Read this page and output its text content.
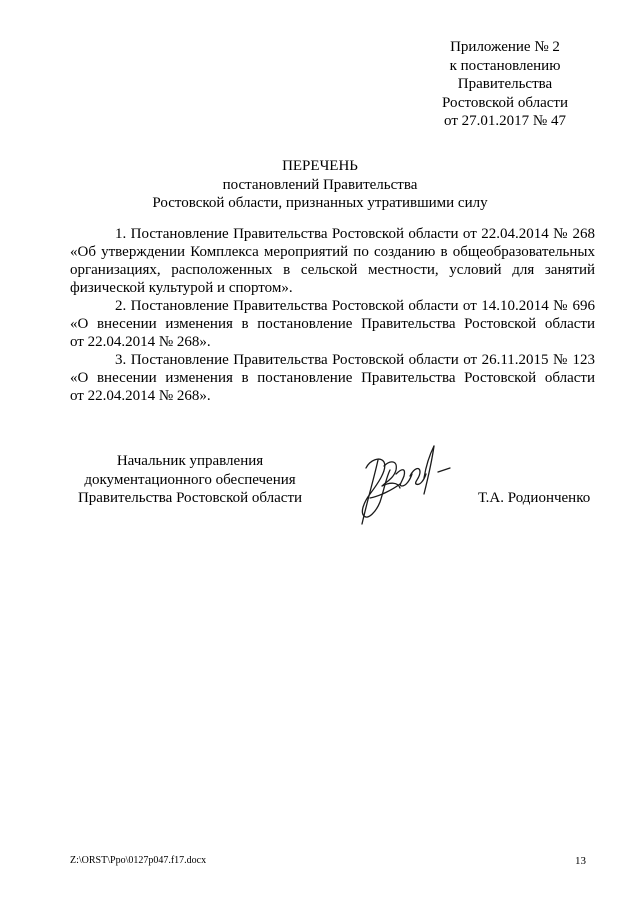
Приложение № 2
к постановлению
Правительства
Ростовской области
от 27.01.2017 № 47
ПЕРЕЧЕНЬ
постановлений Правительства
Ростовской области, признанных утратившими силу
1. Постановление Правительства Ростовской области от 22.04.2014 № 268
«Об утверждении Комплекса мероприятий по созданию в общеобразовательных
организациях, расположенных в сельской местности, условий для занятий
физической культурой и спортом».
2. Постановление Правительства Ростовской области от 14.10.2014 № 696
«О внесении изменения в постановление Правительства Ростовской области
от 22.04.2014 № 268».
3. Постановление Правительства Ростовской области от 26.11.2015 № 123
«О внесении изменения в постановление Правительства Ростовской области
от 22.04.2014 № 268».
Начальник управления
документационного обеспечения
Правительства Ростовской области	Т.А. Родионченко
Z:\ORST\Ppo\0127p047.f17.docx	13
